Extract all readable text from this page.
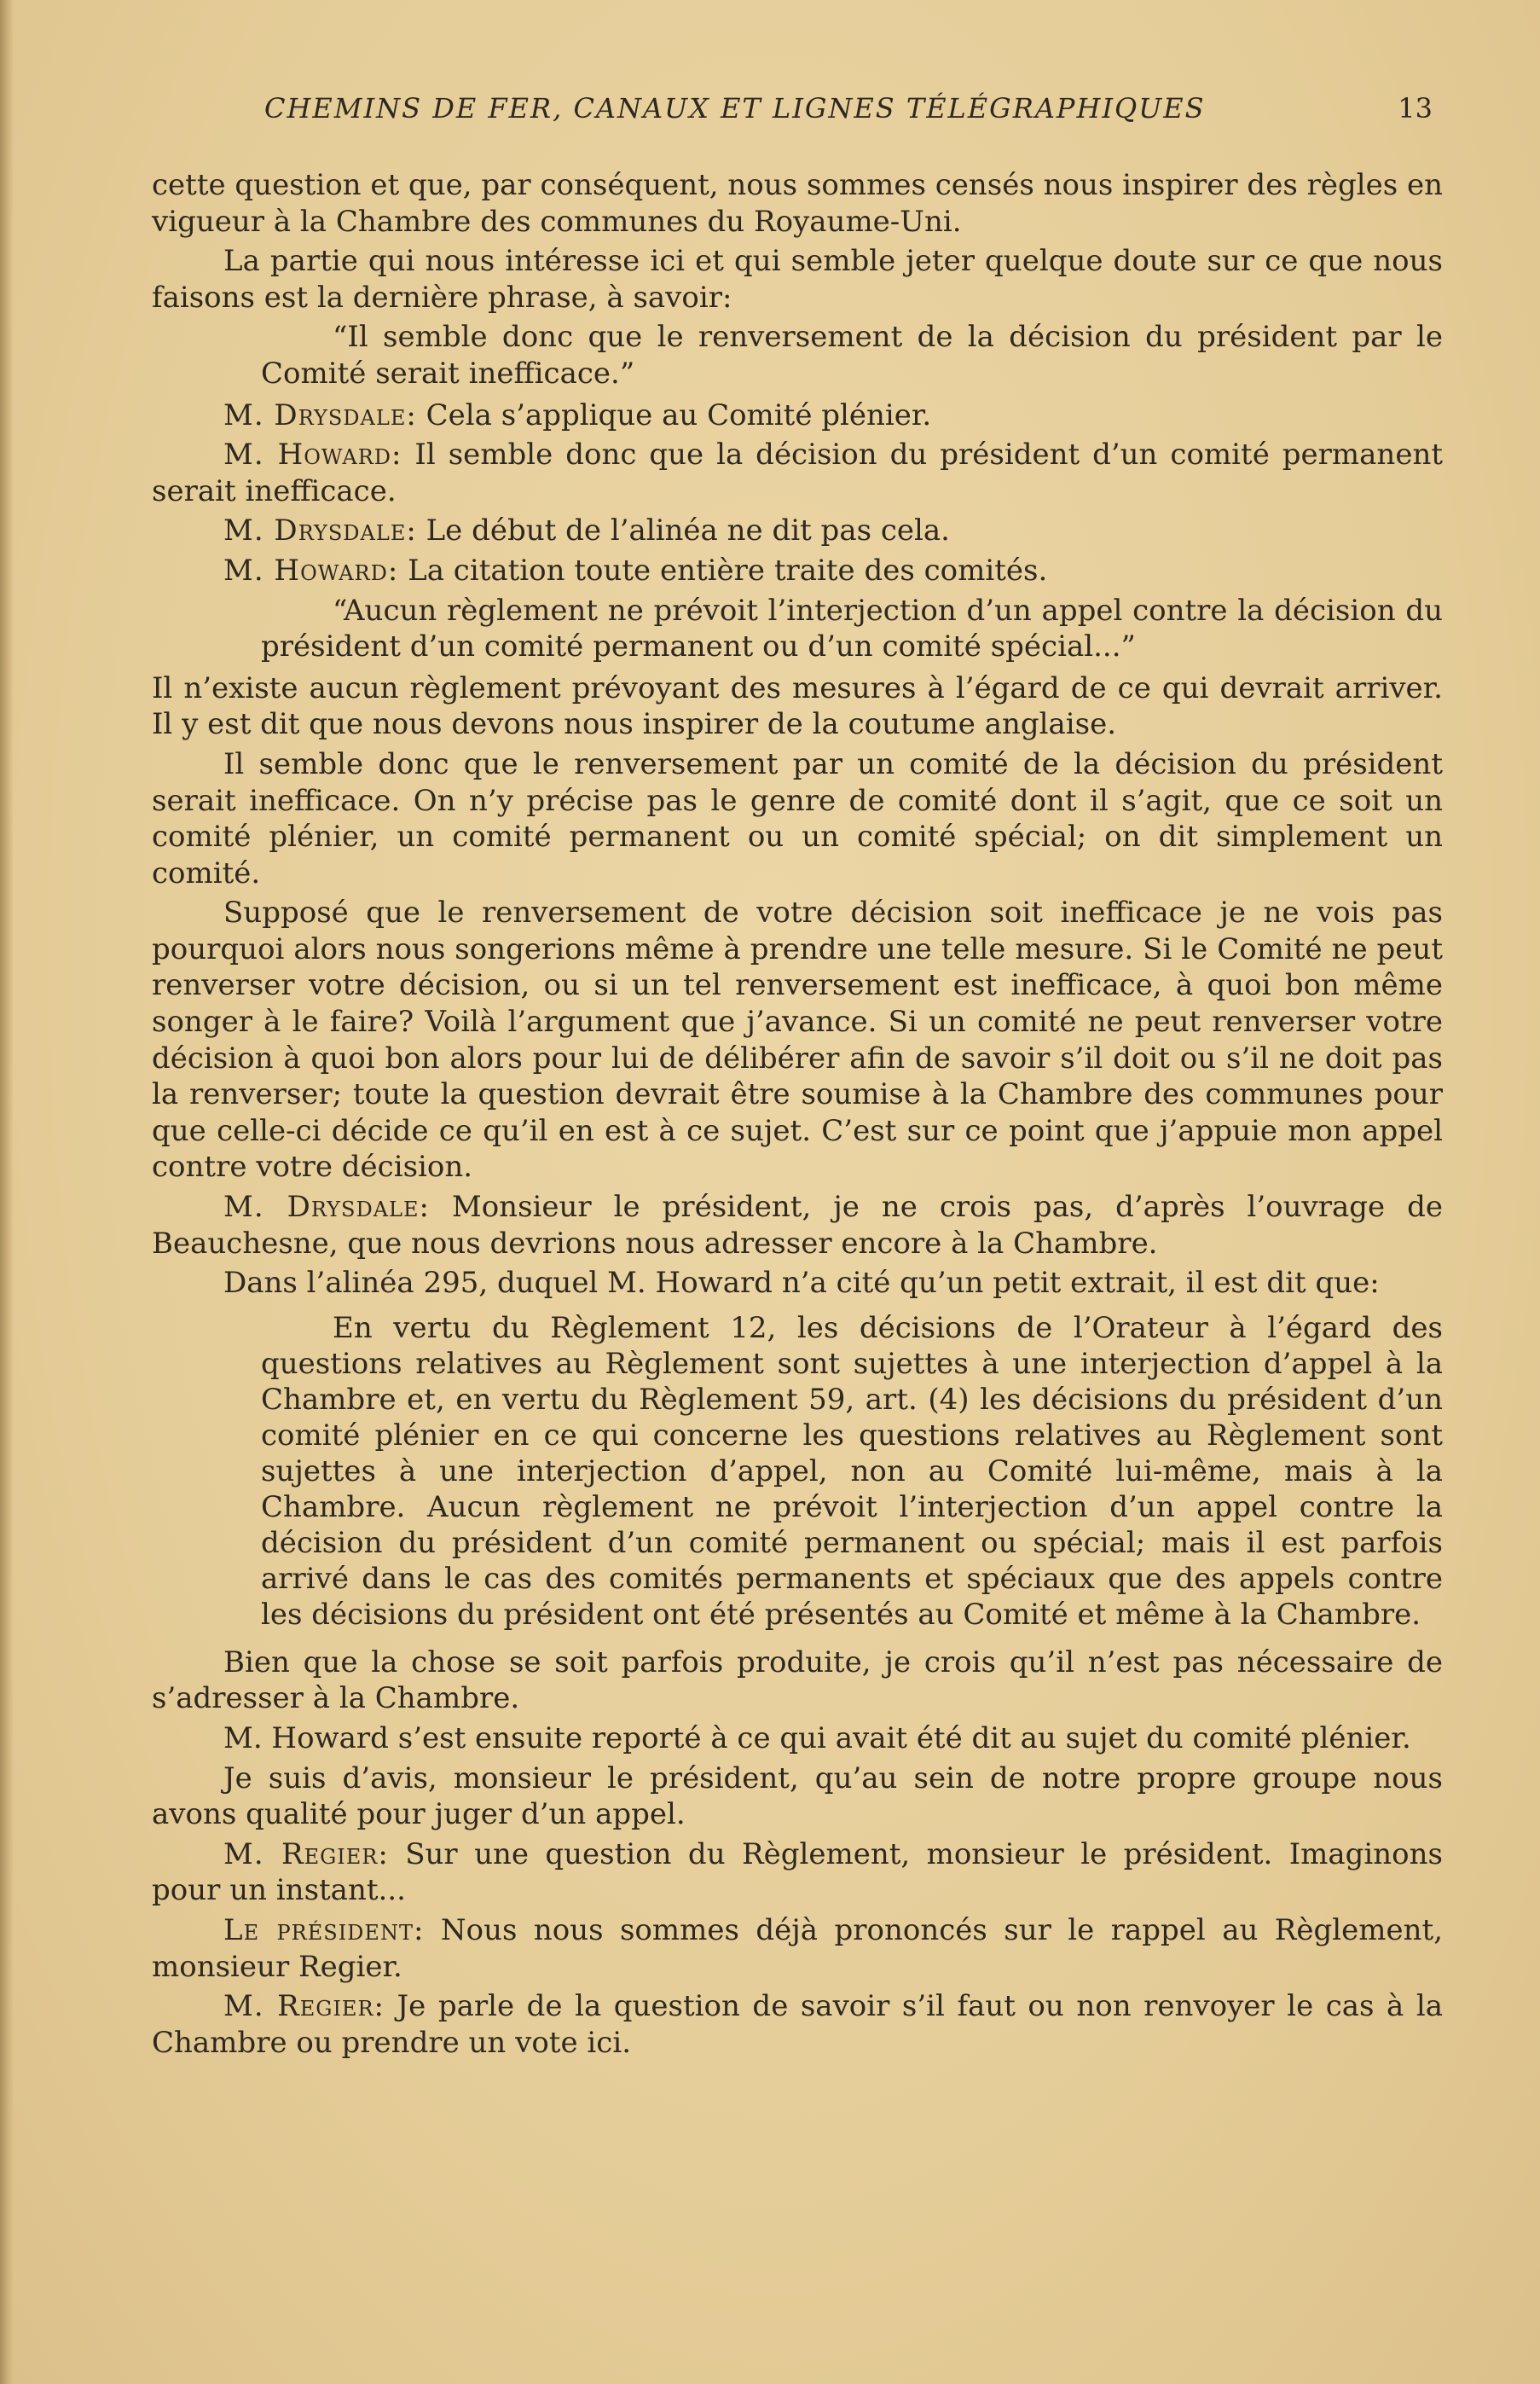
CHEMINS DE FER, CANAUX ET LIGNES TÉLÉGRAPHIQUES	13

cette question et que, par conséquent, nous sommes censés nous inspirer des règles en vigueur à la Chambre des communes du Royaume-Uni.

La partie qui nous intéresse ici et qui semble jeter quelque doute sur ce que nous faisons est la dernière phrase, à savoir:

“Il semble donc que le renversement de la décision du président par le Comité serait inefficace.”

M. Drysdale: Cela s’applique au Comité plénier.

M. Howard: Il semble donc que la décision du président d’un comité permanent serait inefficace.

M. Drysdale: Le début de l’alinéa ne dit pas cela.

M. Howard: La citation toute entière traite des comités.

“Aucun règlement ne prévoit l’interjection d’un appel contre la décision du président d’un comité permanent ou d’un comité spécial...”

Il n’existe aucun règlement prévoyant des mesures à l’égard de ce qui devrait arriver. Il y est dit que nous devons nous inspirer de la coutume anglaise.

Il semble donc que le renversement par un comité de la décision du président serait inefficace. On n’y précise pas le genre de comité dont il s’agit, que ce soit un comité plénier, un comité permanent ou un comité spécial; on dit simplement un comité.

Supposé que le renversement de votre décision soit inefficace je ne vois pas pourquoi alors nous songerions même à prendre une telle mesure. Si le Comité ne peut renverser votre décision, ou si un tel renversement est inefficace, à quoi bon même songer à le faire? Voilà l’argument que j’avance. Si un comité ne peut renverser votre décision à quoi bon alors pour lui de délibérer afin de savoir s’il doit ou s’il ne doit pas la renverser; toute la question devrait être soumise à la Chambre des communes pour que celle-ci décide ce qu’il en est à ce sujet. C’est sur ce point que j’appuie mon appel contre votre décision.

M. Drysdale: Monsieur le président, je ne crois pas, d’après l’ouvrage de Beauchesne, que nous devrions nous adresser encore à la Chambre.

Dans l’alinéa 295, duquel M. Howard n’a cité qu’un petit extrait, il est dit que:

En vertu du Règlement 12, les décisions de l’Orateur à l’égard des questions relatives au Règlement sont sujettes à une interjection d’appel à la Chambre et, en vertu du Règlement 59, art. (4) les décisions du président d’un comité plénier en ce qui concerne les questions relatives au Règlement sont sujettes à une interjection d’appel, non au Comité lui-même, mais à la Chambre. Aucun règlement ne prévoit l’interjection d’un appel contre la décision du président d’un comité permanent ou spécial; mais il est parfois arrivé dans le cas des comités permanents et spéciaux que des appels contre les décisions du président ont été présentés au Comité et même à la Chambre.

Bien que la chose se soit parfois produite, je crois qu’il n’est pas nécessaire de s’adresser à la Chambre.

M. Howard s’est ensuite reporté à ce qui avait été dit au sujet du comité plénier.

Je suis d’avis, monsieur le président, qu’au sein de notre propre groupe nous avons qualité pour juger d’un appel.

M. Regier: Sur une question du Règlement, monsieur le président. Imaginons pour un instant...

Le président: Nous nous sommes déjà prononcés sur le rappel au Règlement, monsieur Regier.

M. Regier: Je parle de la question de savoir s’il faut ou non renvoyer le cas à la Chambre ou prendre un vote ici.
